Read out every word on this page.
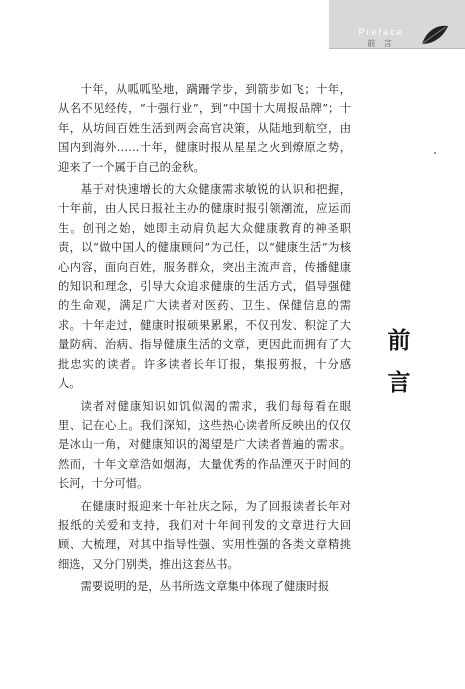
Preface
前 言

十年，从呱呱坠地，蹒跚学步，到箭步如飞；十年，从名不见经传，“十强行业”，到“中国十大周报品牌”；十年，从坊间百姓生活到两会高官决策，从陆地到航空，由国内到海外……十年，健康时报从星星之火到燎原之势，迎来了一个属于自己的金秋。

基于对快速增长的大众健康需求敏锐的认识和把握，十年前，由人民日报社主办的健康时报引领潮流，应运而生。创刊之始，她即主动肩负起大众健康教育的神圣职责，以“做中国人的健康顾问”为己任，以“健康生活”为核心内容，面向百姓，服务群众，突出主流声音，传播健康的知识和理念，引导大众追求健康的生活方式，倡导强健的生命观，满足广大读者对医药、卫生、保健信息的需求。十年走过，健康时报硕果累累，不仅刊发、积淀了大量防病、治病、指导健康生活的文章，更因此而拥有了大批忠实的读者。许多读者长年订报，集报剪报，十分感人。

读者对健康知识如饥似渴的需求，我们每每看在眼里、记在心上。我们深知，这些热心读者所反映出的仅仅是冰山一角，对健康知识的渴望是广大读者普遍的需求。然而，十年文章浩如烟海，大量优秀的作品湮灭于时间的长河，十分可惜。

在健康时报迎来十年社庆之际，为了回报读者长年对报纸的关爱和支持，我们对十年间刊发的文章进行大回顾、大梳理，对其中指导性强、实用性强的各类文章精挑细选，又分门别类，推出这套丛书。

需要说明的是，丛书所选文章集中体现了健康时报

前
言
